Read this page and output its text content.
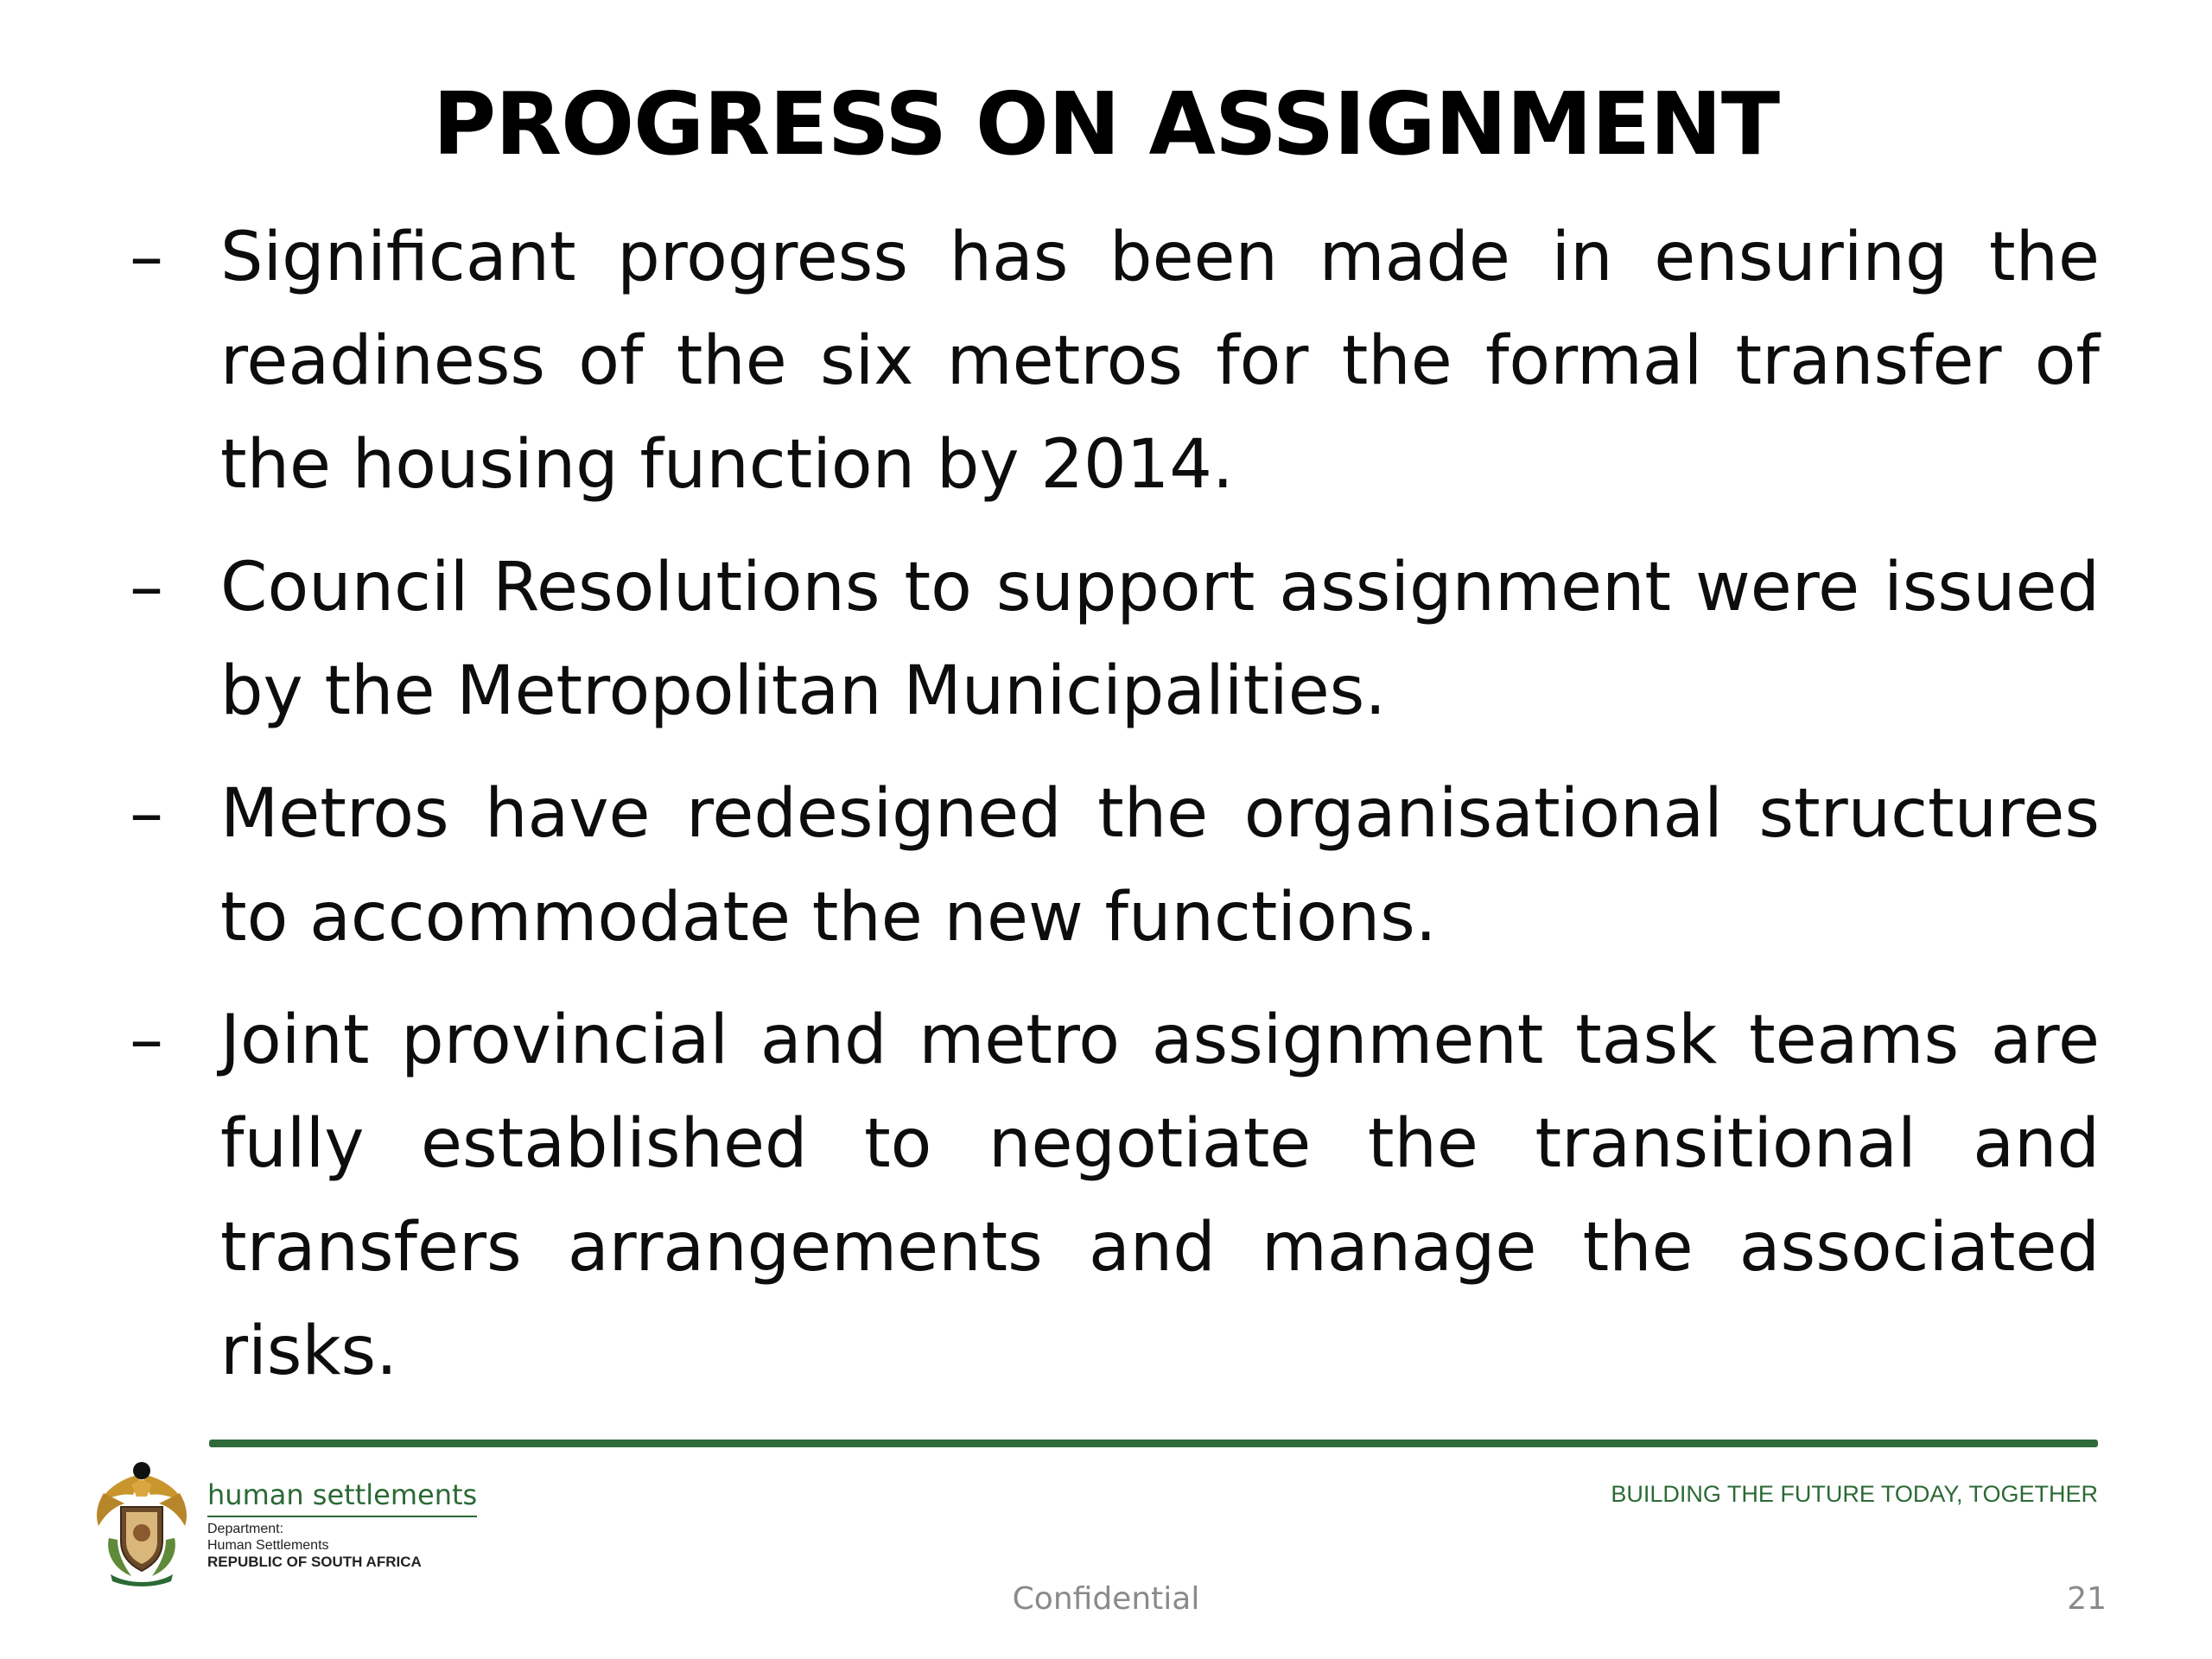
PROGRESS ON ASSIGNMENT
– Significant progress has been made in ensuring the readiness of the six metros for the formal transfer of the housing function by 2014.
– Council Resolutions to support assignment were issued by the Metropolitan Municipalities.
– Metros have redesigned the organisational structures to accommodate the new functions.
– Joint provincial and metro assignment task teams are fully established to negotiate the transitional and transfers arrangements and manage the associated risks.
human settlements
Department:
Human Settlements
REPUBLIC OF SOUTH AFRICA
BUILDING THE FUTURE TODAY, TOGETHER
Confidential	21
